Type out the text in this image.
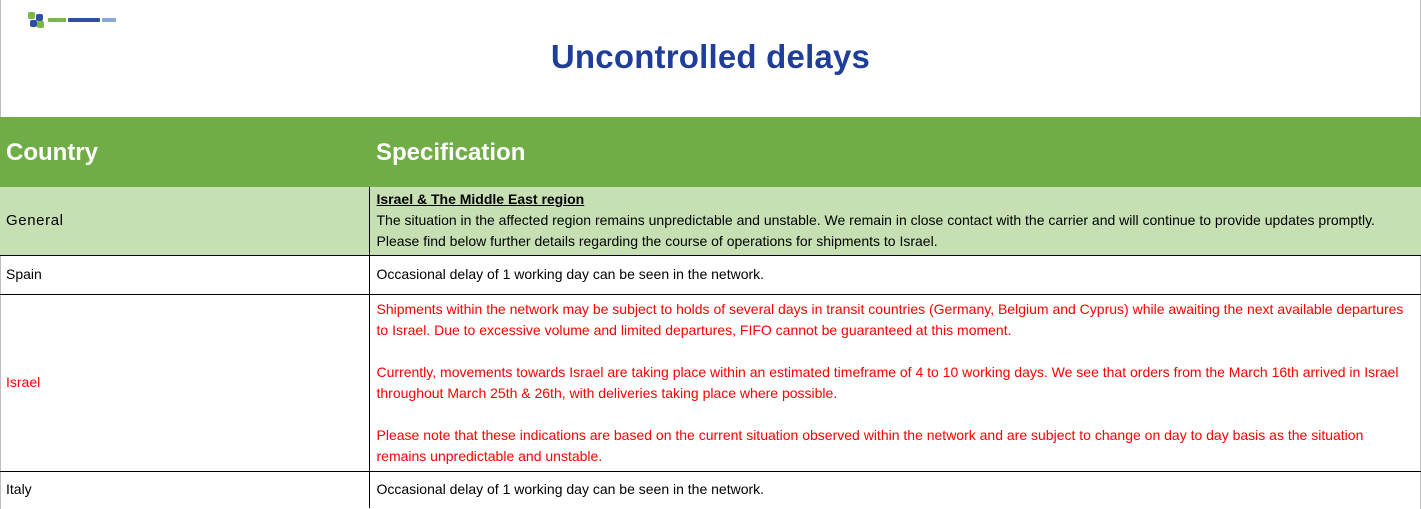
Uncontrolled delays
Country	Specification
General	Israel & The Middle East region
The situation in the affected region remains unpredictable and unstable. We remain in close contact with the carrier and will continue to provide updates promptly. Please find below further details regarding the course of operations for shipments to Israel.

Spain	Occasional delay of 1 working day can be seen in the network.
Israel	Shipments within the network may be subject to holds of several days in transit countries (Germany, Belgium and Cyprus) while awaiting the next available departures to Israel. Due to excessive volume and limited departures, FIFO cannot be guaranteed at this moment.

Currently, movements towards Israel are taking place within an estimated timeframe of 4 to 10 working days. We see that orders from the March 16th arrived in Israel throughout March 25th & 26th, with deliveries taking place where possible.

Please note that these indications are based on the current situation observed within the network and are subject to change on day to day basis as the situation remains unpredictable and unstable.

Italy	Occasional delay of 1 working day can be seen in the network.
